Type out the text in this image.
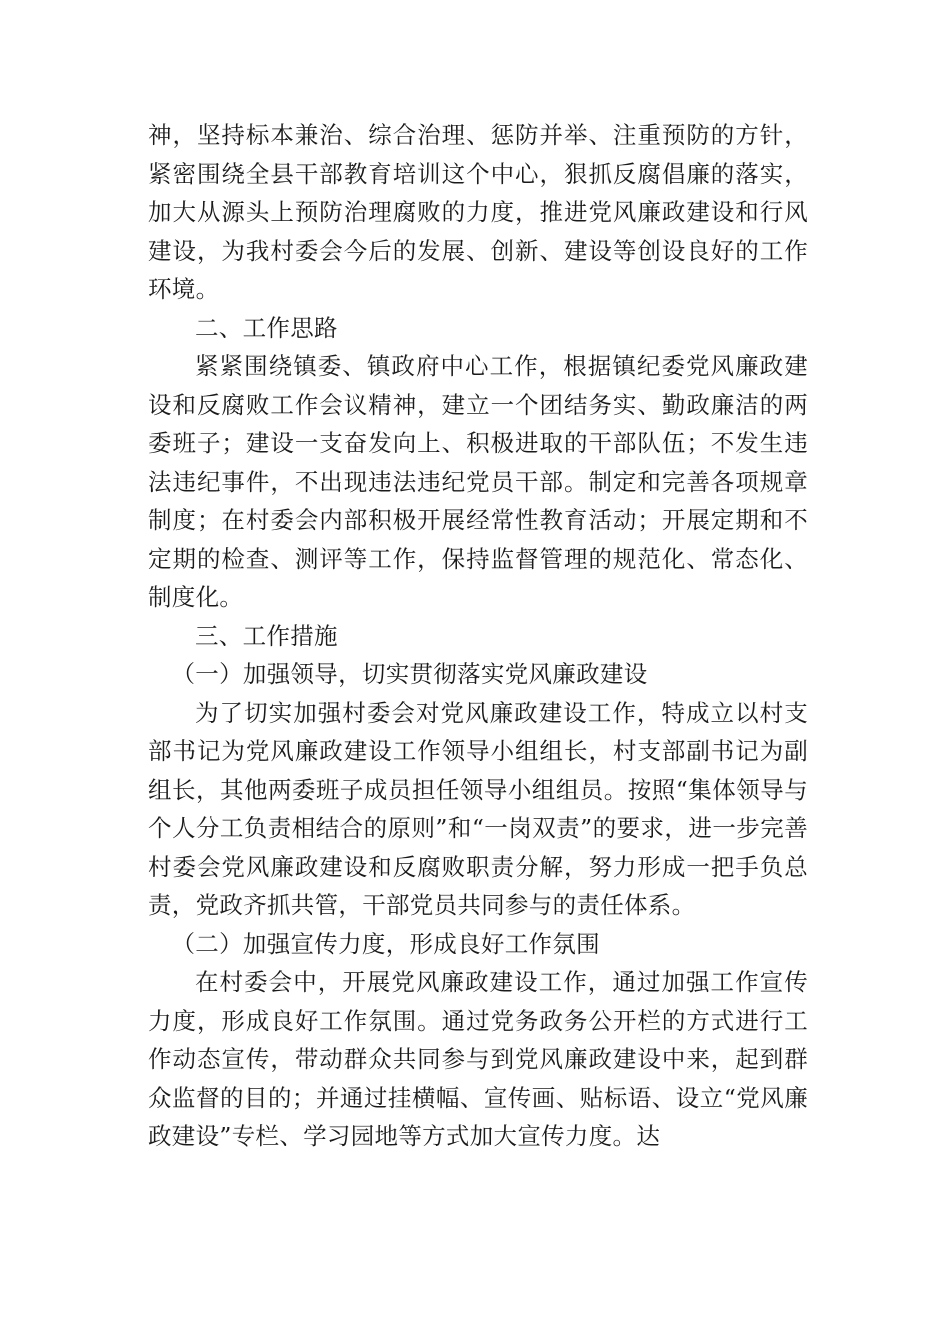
神，坚持标本兼治、综合治理、惩防并举、注重预防的方针，紧密围绕全县干部教育培训这个中心，狠抓反腐倡廉的落实，加大从源头上预防治理腐败的力度，推进党风廉政建设和行风建设，为我村委会今后的发展、创新、建设等创设良好的工作环境。

二、工作思路

紧紧围绕镇委、镇政府中心工作，根据镇纪委党风廉政建设和反腐败工作会议精神，建立一个团结务实、勤政廉洁的两委班子；建设一支奋发向上、积极进取的干部队伍；不发生违法违纪事件，不出现违法违纪党员干部。制定和完善各项规章制度；在村委会内部积极开展经常性教育活动；开展定期和不定期的检查、测评等工作，保持监督管理的规范化、常态化、制度化。

三、工作措施

（一）加强领导，切实贯彻落实党风廉政建设

为了切实加强村委会对党风廉政建设工作，特成立以村支部书记为党风廉政建设工作领导小组组长，村支部副书记为副组长，其他两委班子成员担任领导小组组员。按照“集体领导与个人分工负责相结合的原则”和“一岗双责”的要求，进一步完善村委会党风廉政建设和反腐败职责分解，努力形成一把手负总责，党政齐抓共管，干部党员共同参与的责任体系。

（二）加强宣传力度，形成良好工作氛围

在村委会中，开展党风廉政建设工作，通过加强工作宣传力度，形成良好工作氛围。通过党务政务公开栏的方式进行工作动态宣传，带动群众共同参与到党风廉政建设中来，起到群众监督的目的；并通过挂横幅、宣传画、贴标语、设立“党风廉政建设”专栏、学习园地等方式加大宣传力度。达
